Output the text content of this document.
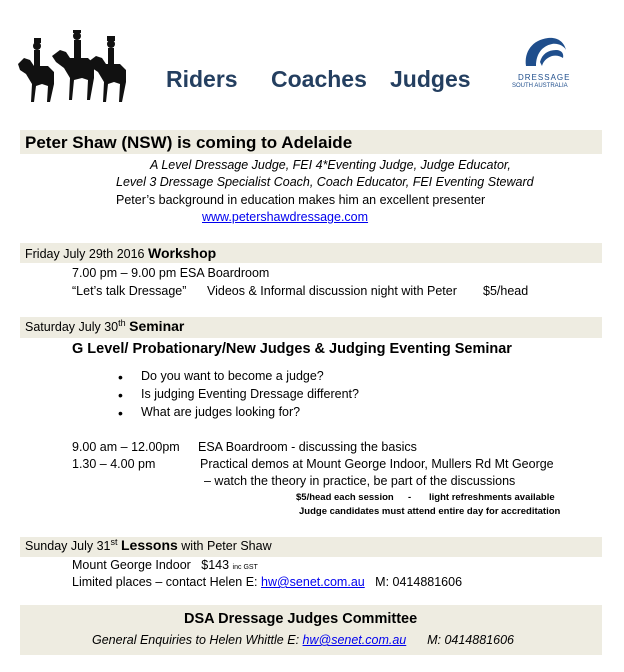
Riders Coaches Judges	DRESSAGE
SOUTH AUSTRALIA
Peter Shaw (NSW) is coming to Adelaide
A Level Dressage Judge, FEI 4*Eventing Judge, Judge Educator,
Level 3 Dressage Specialist Coach, Coach Educator, FEI Eventing Steward
Peter’s background in education makes him an excellent presenter
www.petershawdressage.com
Friday July 29th 2016 Workshop
7.00 pm – 9.00 pm ESA Boardroom
“Let’s talk Dressage” Videos & Informal discussion night with Peter $5/head
Saturday July 30th Seminar
G Level/ Probationary/New Judges & Judging Eventing Seminar
• Do you want to become a judge?
• Is judging Eventing Dressage different?
• What are judges looking for?
9.00 am – 12.00pm ESA Boardroom - discussing the basics
1.30 – 4.00 pm	Practical demos at Mount George Indoor, Mullers Rd Mt George
– watch the theory in practice, be part of the discussions
$5/head each session - light refreshments available
Judge candidates must attend entire day for accreditation
Sunday July 31st Lessons with Peter Shaw
Mount George Indoor $143 inc GST
Limited places – contact Helen E: hw@senet.com.au M: 0414881606
DSA Dressage Judges Committee
General Enquiries to Helen Whittle E: hw@senet.com.au M: 0414881606
